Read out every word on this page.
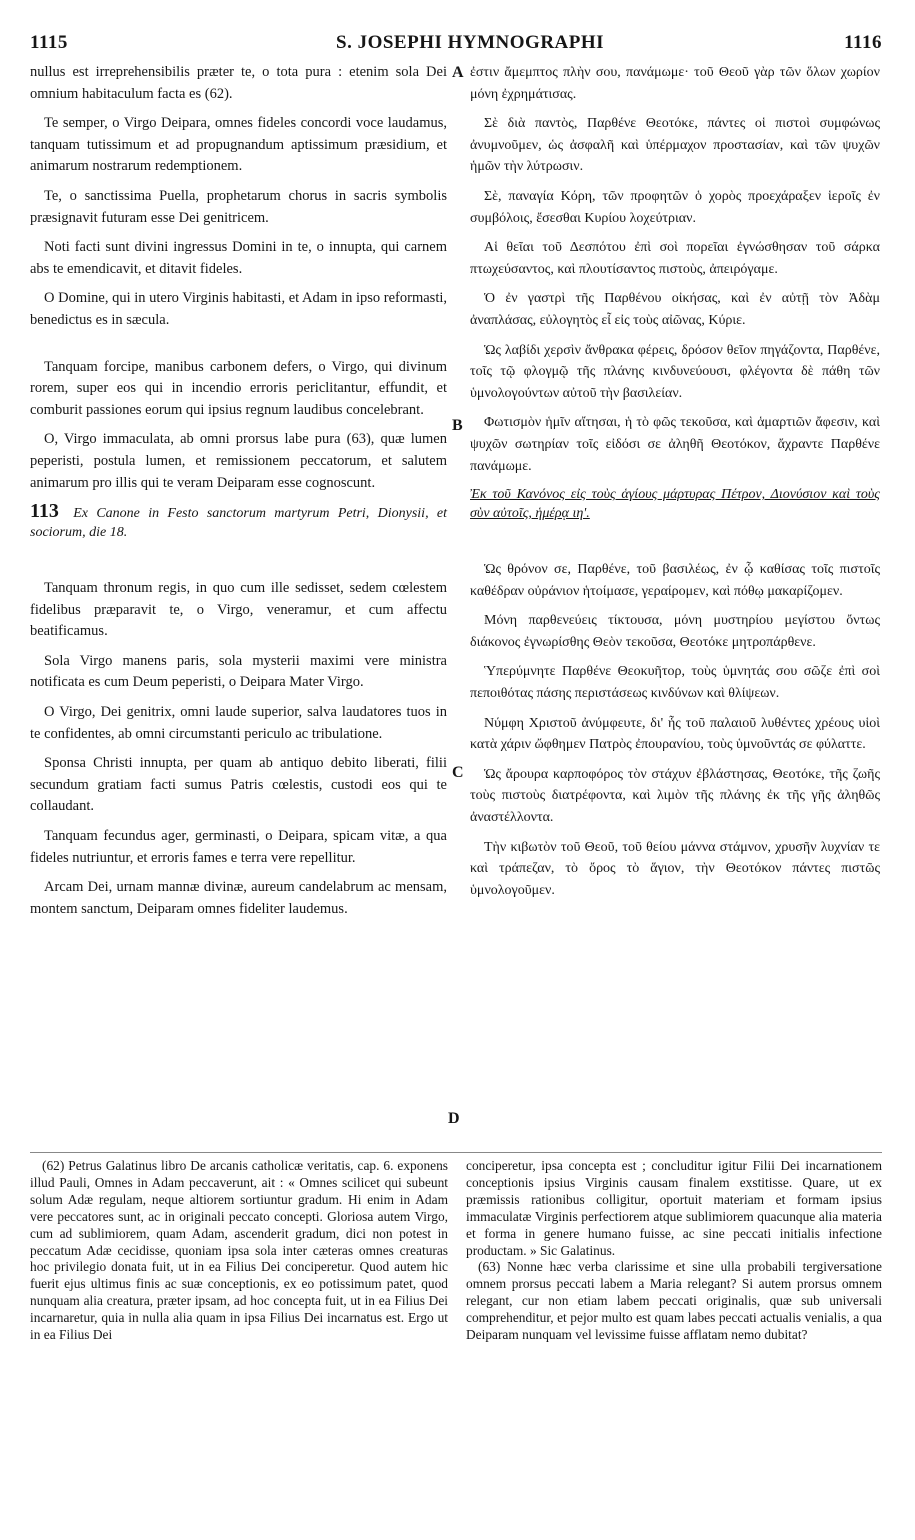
1115	S. JOSEPHI HYMNOGRAPHI	1116

nullus est irreprehensibilis præter te, o tota pura : etenim sola Dei omnium habitaculum facta es (62).

Te semper, o Virgo Deipara, omnes fideles concordi voce laudamus, tanquam tutissimum et ad propugnandum aptissimum præsidium, et animarum nostrarum redemptionem.

Te, o sanctissima Puella, prophetarum chorus in sacris symbolis præsignavit futuram esse Dei genitricem.

Noti facti sunt divini ingressus Domini in te, o innupta, qui carnem abs te emendicavit, et ditavit fideles.

O Domine, qui in utero Virginis habitasti, et Adam in ipso reformasti, benedictus es in sæcula.

Tanquam forcipe, manibus carbonem defers, o Virgo, qui divinum rorem, super eos qui in incendio erroris periclitantur, effundit, et comburit passiones eorum qui ipsius regnum laudibus concelebrant.

O, Virgo immaculata, ab omni prorsus labe pura (63), quæ lumen peperisti, postula lumen, et remissionem peccatorum, et salutem animarum pro illis qui te veram Deiparam esse cognoscunt.

113 Ex Canone in Festo sanctorum martyrum Petri, Dionysii, et sociorum, die 18.

Tanquam thronum regis, in quo cum ille sedisset, sedem cœlestem fidelibus præparavit te, o Virgo, veneramur, et cum affectu beatificamus.

Sola Virgo manens paris, sola mysterii maximi vere ministra notificata es cum Deum peperisti, o Deipara Mater Virgo.

O Virgo, Dei genitrix, omni laude superior, salva laudatores tuos in te confidentes, ab omni circumstanti periculo ac tribulatione.

Sponsa Christi innupta, per quam ab antiquo debito liberati, filii secundum gratiam facti sumus Patris cœlestis, custodi eos qui te collaudant.

Tanquam fecundus ager, germinasti, o Deipara, spicam vitæ, a qua fideles nutriuntur, et erroris fames e terra vere repellitur.

Arcam Dei, urnam mannæ divinæ, aureum candelabrum ac mensam, montem sanctum, Deiparam omnes fideliter laudemus.

ἐστιν ἄμεμπτος πλὴν σου, πανάμωμε· τοῦ Θεοῦ γὰρ τῶν ὅλων χωρίον μόνη ἐχρημάτισας.

Σὲ διὰ παντὸς, Παρθένε Θεοτόκε, πάντες οἱ πιστοὶ συμφώνως ἀνυμνοῦμεν, ὡς ἀσφαλῆ καὶ ὑπέρμαχον προστασίαν, καὶ τῶν ψυχῶν ἡμῶν τὴν λύτρωσιν.

Σὲ, παναγία Κόρη, τῶν προφητῶν ὁ χορὸς προεχάραξεν ἱεροῖς ἐν συμβόλοις, ἔσεσθαι Κυρίου λοχεύτριαν.

Αἱ θεῖαι τοῦ Δεσπότου ἐπὶ σοὶ πορεῖαι ἐγνώσθησαν τοῦ σάρκα πτωχεύσαντος, καὶ πλουτίσαντος πιστοὺς, ἀπειρόγαμε.

Ὁ ἐν γαστρὶ τῆς Παρθένου οἰκήσας, καὶ ἐν αὐτῇ τὸν Ἀδὰμ ἀναπλάσας, εὐλογητὸς εἶ εἰς τοὺς αἰῶνας, Κύριε.

Ὡς λαβίδι χερσὶν ἄνθρακα φέρεις, δρόσον θεῖον πηγάζοντα, Παρθένε, τοῖς τῷ φλογμῷ τῆς πλάνης κινδυνεύουσι, φλέγοντα δὲ πάθη τῶν ὑμνολογούντων αὐτοῦ τὴν βασιλείαν.

Φωτισμὸν ἡμῖν αἴτησαι, ἡ τὸ φῶς τεκοῦσα, καὶ ἁμαρτιῶν ἄφεσιν, καὶ ψυχῶν σωτηρίαν τοῖς εἰδόσι σε ἀληθῆ Θεοτόκον, ἄχραντε Παρθένε πανάμωμε.

Ἐκ τοῦ Κανόνος εἰς τοὺς ἁγίους μάρτυρας Πέτρον, Διονύσιον καὶ τοὺς σὺν αὐτοῖς, ἡμέρᾳ ιη'.

Ὡς θρόνον σε, Παρθένε, τοῦ βασιλέως, ἐν ᾧ καθίσας τοῖς πιστοῖς καθέδραν οὐράνιον ἡτοίμασε, γεραίρομεν, καὶ πόθῳ μακαρίζομεν.

Μόνη παρθενεύεις τίκτουσα, μόνη μυστηρίου μεγίστου ὄντως διάκονος ἐγνωρίσθης Θεὸν τεκοῦσα, Θεοτόκε μητροπάρθενε.

Ὑπερύμνητε Παρθένε Θεοκυῆτορ, τοὺς ὑμνητάς σου σῶζε ἐπὶ σοὶ πεποιθότας πάσης περιστάσεως κινδύνων καὶ θλίψεων.

Νύμφη Χριστοῦ ἀνύμφευτε, δι' ἧς τοῦ παλαιοῦ λυθέντες χρέους υἱοὶ κατὰ χάριν ὤφθημεν Πατρὸς ἐπουρανίου, τοὺς ὑμνοῦντάς σε φύλαττε.

Ὡς ἄρουρα καρποφόρος τὸν στάχυν ἐβλάστησας, Θεοτόκε, τῆς ζωῆς τοὺς πιστοὺς διατρέφοντα, καὶ λιμὸν τῆς πλάνης ἐκ τῆς γῆς ἀληθῶς ἀναστέλλοντα.

Τὴν κιβωτὸν τοῦ Θεοῦ, τοῦ θείου μάννα στάμνον, χρυσῆν λυχνίαν τε καὶ τράπεζαν, τὸ ὄρος τὸ ἅγιον, τὴν Θεοτόκον πάντες πιστῶς ὑμνολογοῦμεν.

A
B
C
D

(62) Petrus Galatinus libro De arcanis catholicæ veritatis, cap. 6. exponens illud Pauli, Omnes in Adam peccaverunt, ait : « Omnes scilicet qui subeunt solum Adæ regulam, neque altiorem sortiuntur gradum. Hi enim in Adam vere peccatores sunt, ac in originali peccato concepti. Gloriosa autem Virgo, cum ad sublimiorem, quam Adam, ascenderit gradum, dici non potest in peccatum Adæ cecidisse, quoniam ipsa sola inter cæteras omnes creaturas hoc privilegio donata fuit, ut in ea Filius Dei conciperetur. Quod autem hic fuerit ejus ultimus finis ac suæ conceptionis, ex eo potissimum patet, quod nunquam alia creatura, præter ipsam, ad hoc concepta fuit, ut in ea Filius Dei incarnaretur, quia in nulla alia quam in ipsa Filius Dei incarnatus est. Ergo ut in ea Filius Dei

conciperetur, ipsa concepta est ; concluditur igitur Filii Dei incarnationem conceptionis ipsius Virginis causam finalem exstitisse. Quare, ut ex præmissis rationibus colligitur, oportuit materiam et formam ipsius immaculatæ Virginis perfectiorem atque sublimiorem quacunque alia materia et forma in genere humano fuisse, ac sine peccati initialis infectione productam. » Sic Galatinus.

(63) Nonne hæc verba clarissime et sine ulla probabili tergiversatione omnem prorsus peccati labem a Maria relegant? Si autem prorsus omnem relegant, cur non etiam labem peccati originalis, quæ sub universali comprehenditur, et pejor multo est quam labes peccati actualis venialis, a qua Deiparam nunquam vel levissime fuisse afflatam nemo dubitat?
